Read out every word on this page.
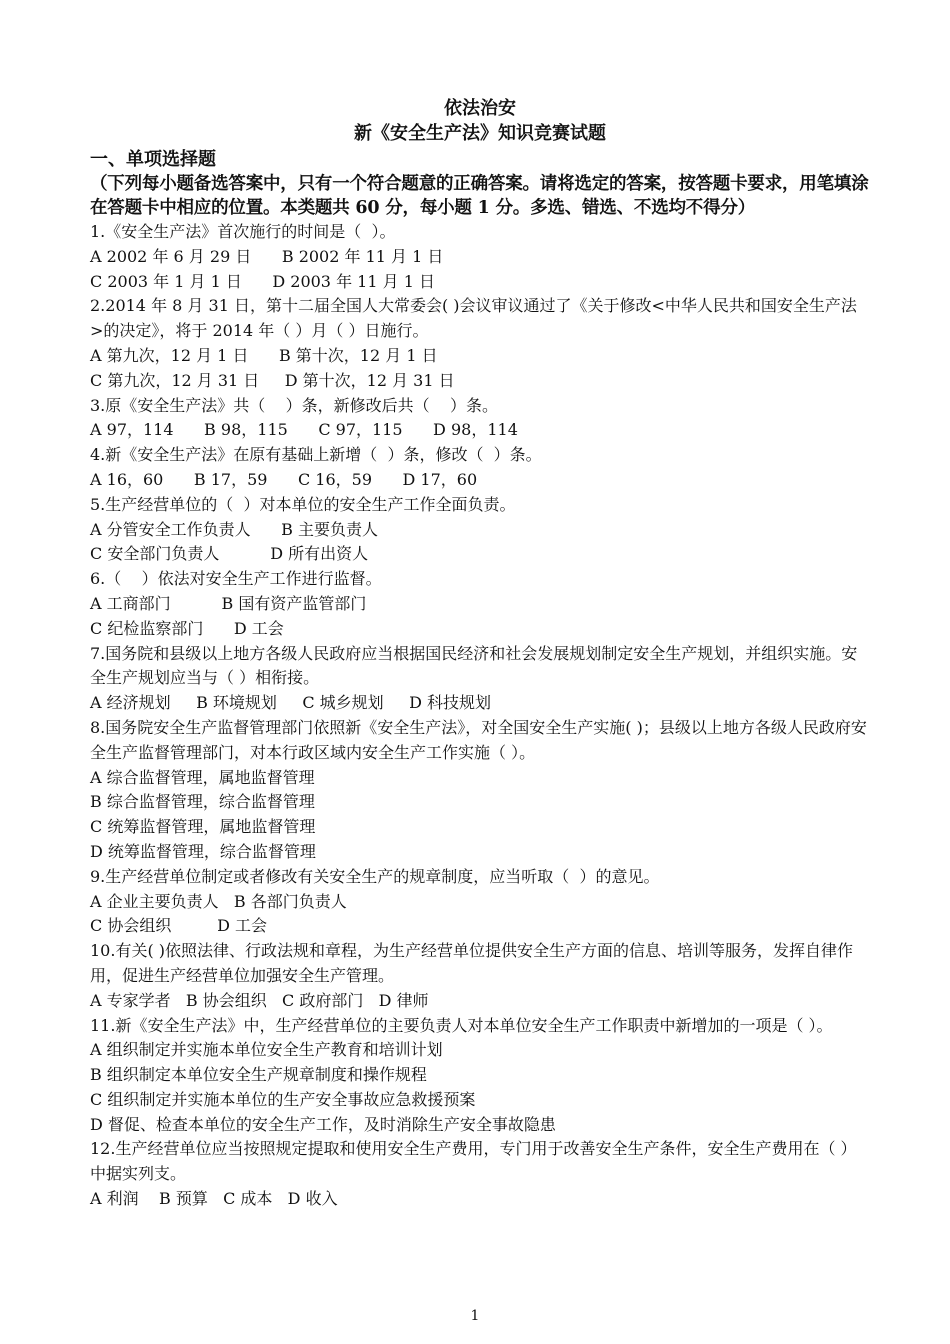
依法治安
新《安全生产法》知识竞赛试题
一、单项选择题
（下列每小题备选答案中，只有一个符合题意的正确答案。请将选定的答案，按答题卡要求，用笔填涂在答题卡中相应的位置。本类题共 60 分，每小题 1 分。多选、错选、不选均不得分）
1.《安全生产法》首次施行的时间是（  ）。
A 2002 年 6 月 29 日      B 2002 年 11 月 1 日
C 2003 年 1 月 1 日      D 2003 年 11 月 1 日
2.2014 年 8 月 31 日，第十二届全国人大常委会( )会议审议通过了《关于修改<中华人民共和国安全生产法>的决定》，将于 2014 年（ ）月（ ）日施行。
A 第九次，12 月 1 日      B 第十次，12 月 1 日
C 第九次，12 月 31 日     D 第十次，12 月 31 日
3.原《安全生产法》共（    ）条，新修改后共（    ）条。
A 97，114      B 98，115      C 97，115      D 98，114
4.新《安全生产法》在原有基础上新增（  ）条，修改（  ）条。
A 16，60      B 17，59      C 16，59      D 17，60
5.生产经营单位的（  ）对本单位的安全生产工作全面负责。
A 分管安全工作负责人      B 主要负责人
C 安全部门负责人          D 所有出资人
6.（    ）依法对安全生产工作进行监督。
A 工商部门          B 国有资产监管部门
C 纪检监察部门      D 工会
7.国务院和县级以上地方各级人民政府应当根据国民经济和社会发展规划制定安全生产规划，并组织实施。安全生产规划应当与（ ）相衔接。
A 经济规划     B 环境规划     C 城乡规划     D 科技规划
8.国务院安全生产监督管理部门依照新《安全生产法》，对全国安全生产实施( )；县级以上地方各级人民政府安全生产监督管理部门，对本行政区域内安全生产工作实施（ ）。
A 综合监督管理，属地监督管理
B 综合监督管理，综合监督管理
C 统筹监督管理，属地监督管理
D 统筹监督管理，综合监督管理
9.生产经营单位制定或者修改有关安全生产的规章制度，应当听取（  ）的意见。
A 企业主要负责人   B 各部门负责人
C 协会组织         D 工会
10.有关( )依照法律、行政法规和章程，为生产经营单位提供安全生产方面的信息、培训等服务，发挥自律作用，促进生产经营单位加强安全生产管理。
A 专家学者   B 协会组织   C 政府部门   D 律师
11.新《安全生产法》中，生产经营单位的主要负责人对本单位安全生产工作职责中新增加的一项是（ ）。
A 组织制定并实施本单位安全生产教育和培训计划
B 组织制定本单位安全生产规章制度和操作规程
C 组织制定并实施本单位的生产安全事故应急救援预案
D 督促、检查本单位的安全生产工作，及时消除生产安全事故隐患
12.生产经营单位应当按照规定提取和使用安全生产费用，专门用于改善安全生产条件，安全生产费用在（ ）中据实列支。
A 利润    B 预算   C 成本   D 收入
1
